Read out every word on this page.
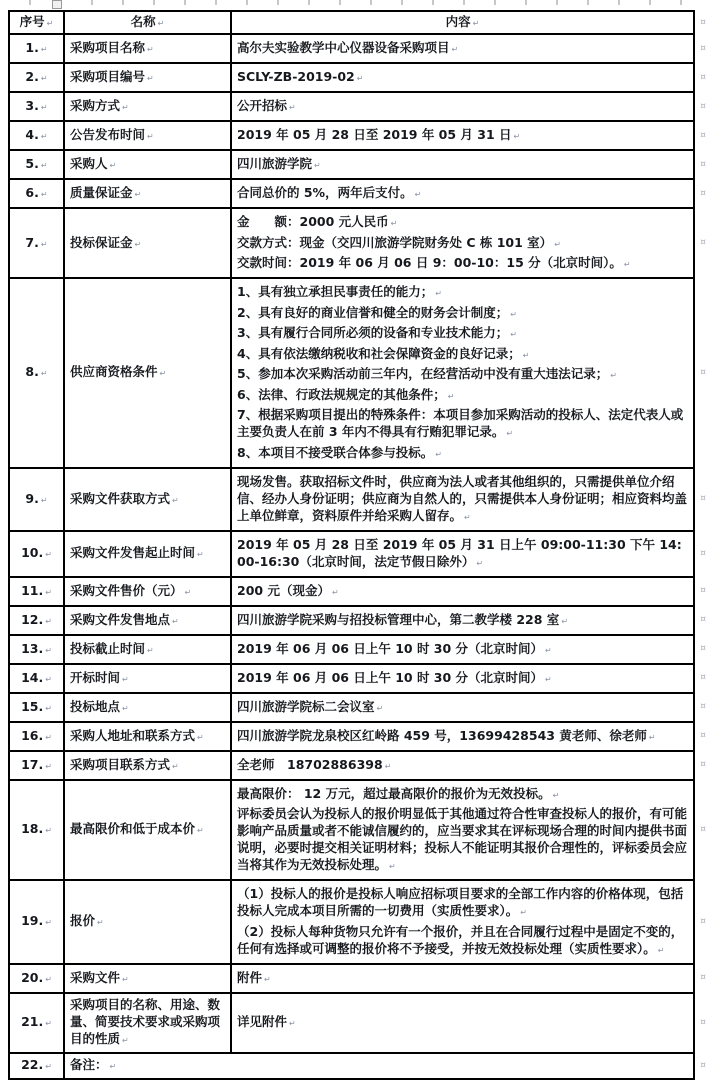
序号 ↵	名称 ↵	内容 ↵ ¤

1. ↵	采购项目名称 ↵	高尔夫实验教学中心仪器设备采购项目 ↵ ¤

2. ↵	采购项目编号 ↵	SCLY-ZB-2019-02 ↵ ¤

3. ↵	采购方式 ↵	公开招标 ↵ ¤

4. ↵	公告发布时间 ↵	2019 年 05 月 28 日至 2019 年 05 月 31 日 ↵ ¤

5. ↵	采购人 ↵	四川旅游学院 ↵ ¤

6. ↵	质量保证金 ↵	合同总价的 5%，两年后支付。 ↵ ¤

7. ↵	投标保证金 ↵	金　　额：2000 元人民币 ↵
交款方式：现金（交四川旅游学院财务处 C 栋 101 室） ↵
交款时间：2019 年 06 月 06 日 9：00-10：15 分（北京时间）。 ↵
¤

8. ↵	供应商资格条件 ↵	
1、具有独立承担民事责任的能力； ↵
2、具有良好的商业信誉和健全的财务会计制度； ↵
3、具有履行合同所必须的设备和专业技术能力； ↵
4、具有依法缴纳税收和社会保障资金的良好记录； ↵
5、参加本次采购活动前三年内，在经营活动中没有重大违法记录； ↵
6、法律、行政法规规定的其他条件； ↵
7、根据采购项目提出的特殊条件：本项目参加采购活动的投标人、法定代表人或主要负责人在前 3 年内不得具有行贿犯罪记录。 ↵
8、本项目不接受联合体参与投标。 ↵
¤

9. ↵	采购文件获取方式 ↵	现场发售。获取招标文件时，供应商为法人或者其他组织的，只需提供单位介绍信、经办人身份证明；供应商为自然人的，只需提供本人身份证明；相应资料均盖上单位鲜章，资料原件并给采购人留存。 ↵
¤

10. ↵	采购文件发售起止时间 ↵	2019 年 05 月 28 日至 2019 年 05 月 31 日上午 09:00-11:30 下午 14:00-16:30（北京时间，法定节假日除外） ↵
¤

11. ↵	采购文件售价（元） ↵	200 元（现金） ↵ ¤

12. ↵	采购文件发售地点 ↵	四川旅游学院采购与招投标管理中心，第二教学楼 228 室 ↵ ¤

13. ↵	投标截止时间 ↵	2019 年 06 月 06 日上午 10 时 30 分（北京时间） ↵ ¤

14. ↵	开标时间 ↵	2019 年 06 月 06 日上午 10 时 30 分（北京时间） ↵ ¤

15. ↵	投标地点 ↵	四川旅游学院标二会议室 ↵ ¤

16. ↵	采购人地址和联系方式 ↵	四川旅游学院龙泉校区红岭路 459 号，13699428543 黄老师、徐老师 ↵ ¤

17. ↵	采购项目联系方式 ↵	全老师　18702886398 ↵ ¤

18. ↵	最高限价和低于成本价 ↵	最高限价： 12 万元，超过最高限价的报价为无效投标。 ↵
评标委员会认为投标人的报价明显低于其他通过符合性审查投标人的报价，有可能影响产品质量或者不能诚信履约的，应当要求其在评标现场合理的时间内提供书面说明，必要时提交相关证明材料；投标人不能证明其报价合理性的，评标委员会应当将其作为无效投标处理。 ↵
¤

19. ↵	报价 ↵	（1）投标人的报价是投标人响应招标项目要求的全部工作内容的价格体现，包括投标人完成本项目所需的一切费用（实质性要求）。 ↵
（2）投标人每种货物只允许有一个报价，并且在合同履行过程中是固定不变的，任何有选择或可调整的报价将不予接受，并按无效投标处理（实质性要求）。 ↵
¤

20. ↵	采购文件 ↵	附件 ↵ ¤

21. ↵	采购项目的名称、用途、数量、简要技术要求或采购项目的性质 ↵	详见附件 ↵ ¤

22. ↵	备注： ↵ ¤	
